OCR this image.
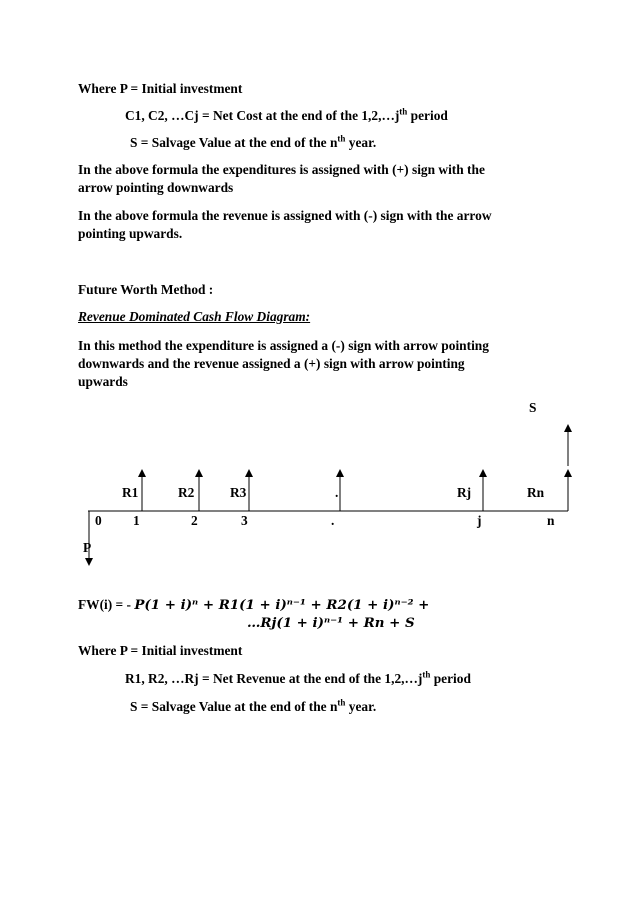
Where P = Initial investment
C1, C2, …Cj = Net Cost at the end of the $1,2,\dots j^{th}$ period
S = Salvage Value at the end of the $n^{th}$ year.
In the above formula the expenditures is assigned with (+) sign with the
arrow pointing downwards
In the above formula the revenue is assigned with (-) sign with the arrow
pointing upwards.
Future Worth Method :
Revenue Dominated Cash Flow Diagram:
In this method the expenditure is assigned a (-) sign with arrow pointing
downwards and the revenue assigned a (+) sign with arrow pointing
upwards
S
R1	R2	R3	.	Rj	Rn
0 1	2	3	.	j	n
P
FW(i) = - P(1 + i)ⁿ + R1(1 + i)ⁿ⁻¹ + R2(1 + i)ⁿ⁻² +
…Rj(1 + i)ⁿ⁻¹ + Rn + S
Where P = Initial investment
R1, R2, …Rj = Net Revenue at the end of the $1,2,\dots j^{th}$ period
S = Salvage Value at the end of the $n^{th}$ year.
